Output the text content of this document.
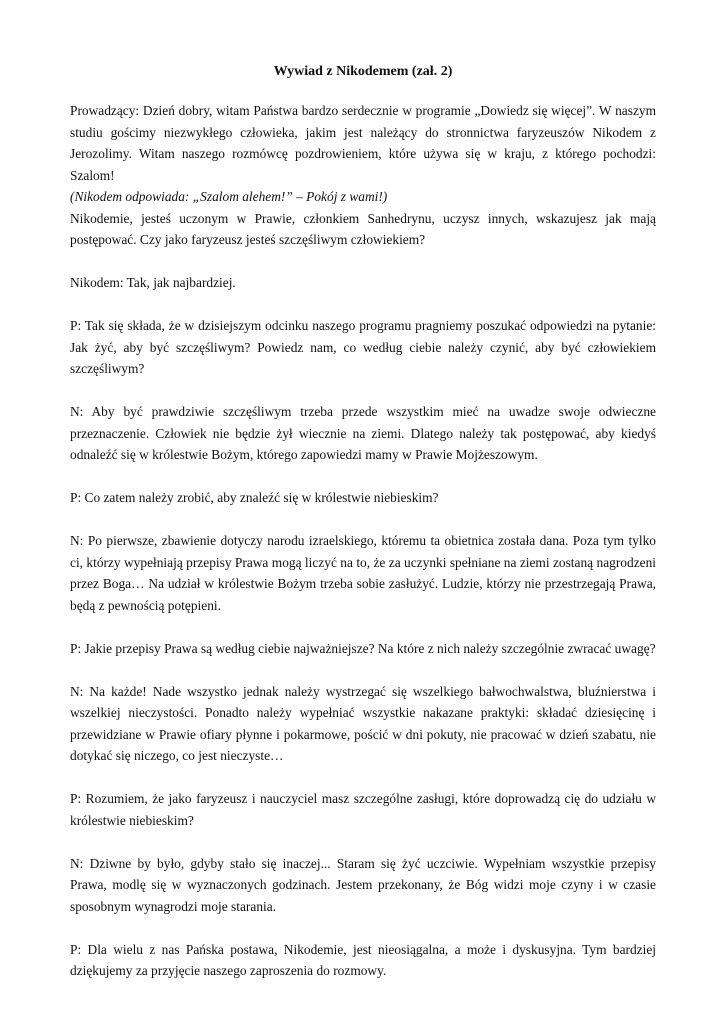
Wywiad z Nikodemem (zał. 2)

Prowadzący: Dzień dobry, witam Państwa bardzo serdecznie w programie „Dowiedz się więcej”. W naszym studiu gościmy niezwykłego człowieka, jakim jest należący do stronnictwa faryzeuszów Nikodem z Jerozolimy. Witam naszego rozmówcę pozdrowieniem, które używa się w kraju, z którego pochodzi: Szalom!

(Nikodem odpowiada: „Szalom alehem!” – Pokój z wami!)

Nikodemie, jesteś uczonym w Prawie, członkiem Sanhedrynu, uczysz innych, wskazujesz jak mają postępować. Czy jako faryzeusz jesteś szczęśliwym człowiekiem?

Nikodem: Tak, jak najbardziej.
P: Tak się składa, że w dzisiejszym odcinku naszego programu pragniemy poszukać odpowiedzi na pytanie: Jak żyć, aby być szczęśliwym? Powiedz nam, co według ciebie należy czynić, aby być człowiekiem szczęśliwym?
N: Aby być prawdziwie szczęśliwym trzeba przede wszystkim mieć na uwadze swoje odwieczne przeznaczenie. Człowiek nie będzie żył wiecznie na ziemi. Dlatego należy tak postępować, aby kiedyś odnaleźć się w królestwie Bożym, którego zapowiedzi mamy w Prawie Mojżeszowym.
P: Co zatem należy zrobić, aby znaleźć się w królestwie niebieskim?
N: Po pierwsze, zbawienie dotyczy narodu izraelskiego, któremu ta obietnica została dana. Poza tym tylko ci, którzy wypełniają przepisy Prawa mogą liczyć na to, że za uczynki spełniane na ziemi zostaną nagrodzeni przez Boga… Na udział w królestwie Bożym trzeba sobie zasłużyć. Ludzie, którzy nie przestrzegają Prawa, będą z pewnością potępieni.
P: Jakie przepisy Prawa są według ciebie najważniejsze? Na które z nich należy szczególnie zwracać uwagę?
N: Na każde! Nade wszystko jednak należy wystrzegać się wszelkiego bałwochwalstwa, bluźnierstwa i wszelkiej nieczystości. Ponadto należy wypełniać wszystkie nakazane praktyki: składać dziesięcinę i przewidziane w Prawie ofiary płynne i pokarmowe, pościć w dni pokuty, nie pracować w dzień szabatu, nie dotykać się niczego, co jest nieczyste…
P: Rozumiem, że jako faryzeusz i nauczyciel masz szczególne zasługi, które doprowadzą cię do udziału w królestwie niebieskim?
N: Dziwne by było, gdyby stało się inaczej... Staram się żyć uczciwie. Wypełniam wszystkie przepisy Prawa, modlę się w wyznaczonych godzinach. Jestem przekonany, że Bóg widzi moje czyny i w czasie sposobnym wynagrodzi moje starania.
P: Dla wielu z nas Pańska postawa, Nikodemie, jest nieosiągalna, a może i dyskusyjna. Tym bardziej dziękujemy za przyjęcie naszego zaproszenia do rozmowy.
